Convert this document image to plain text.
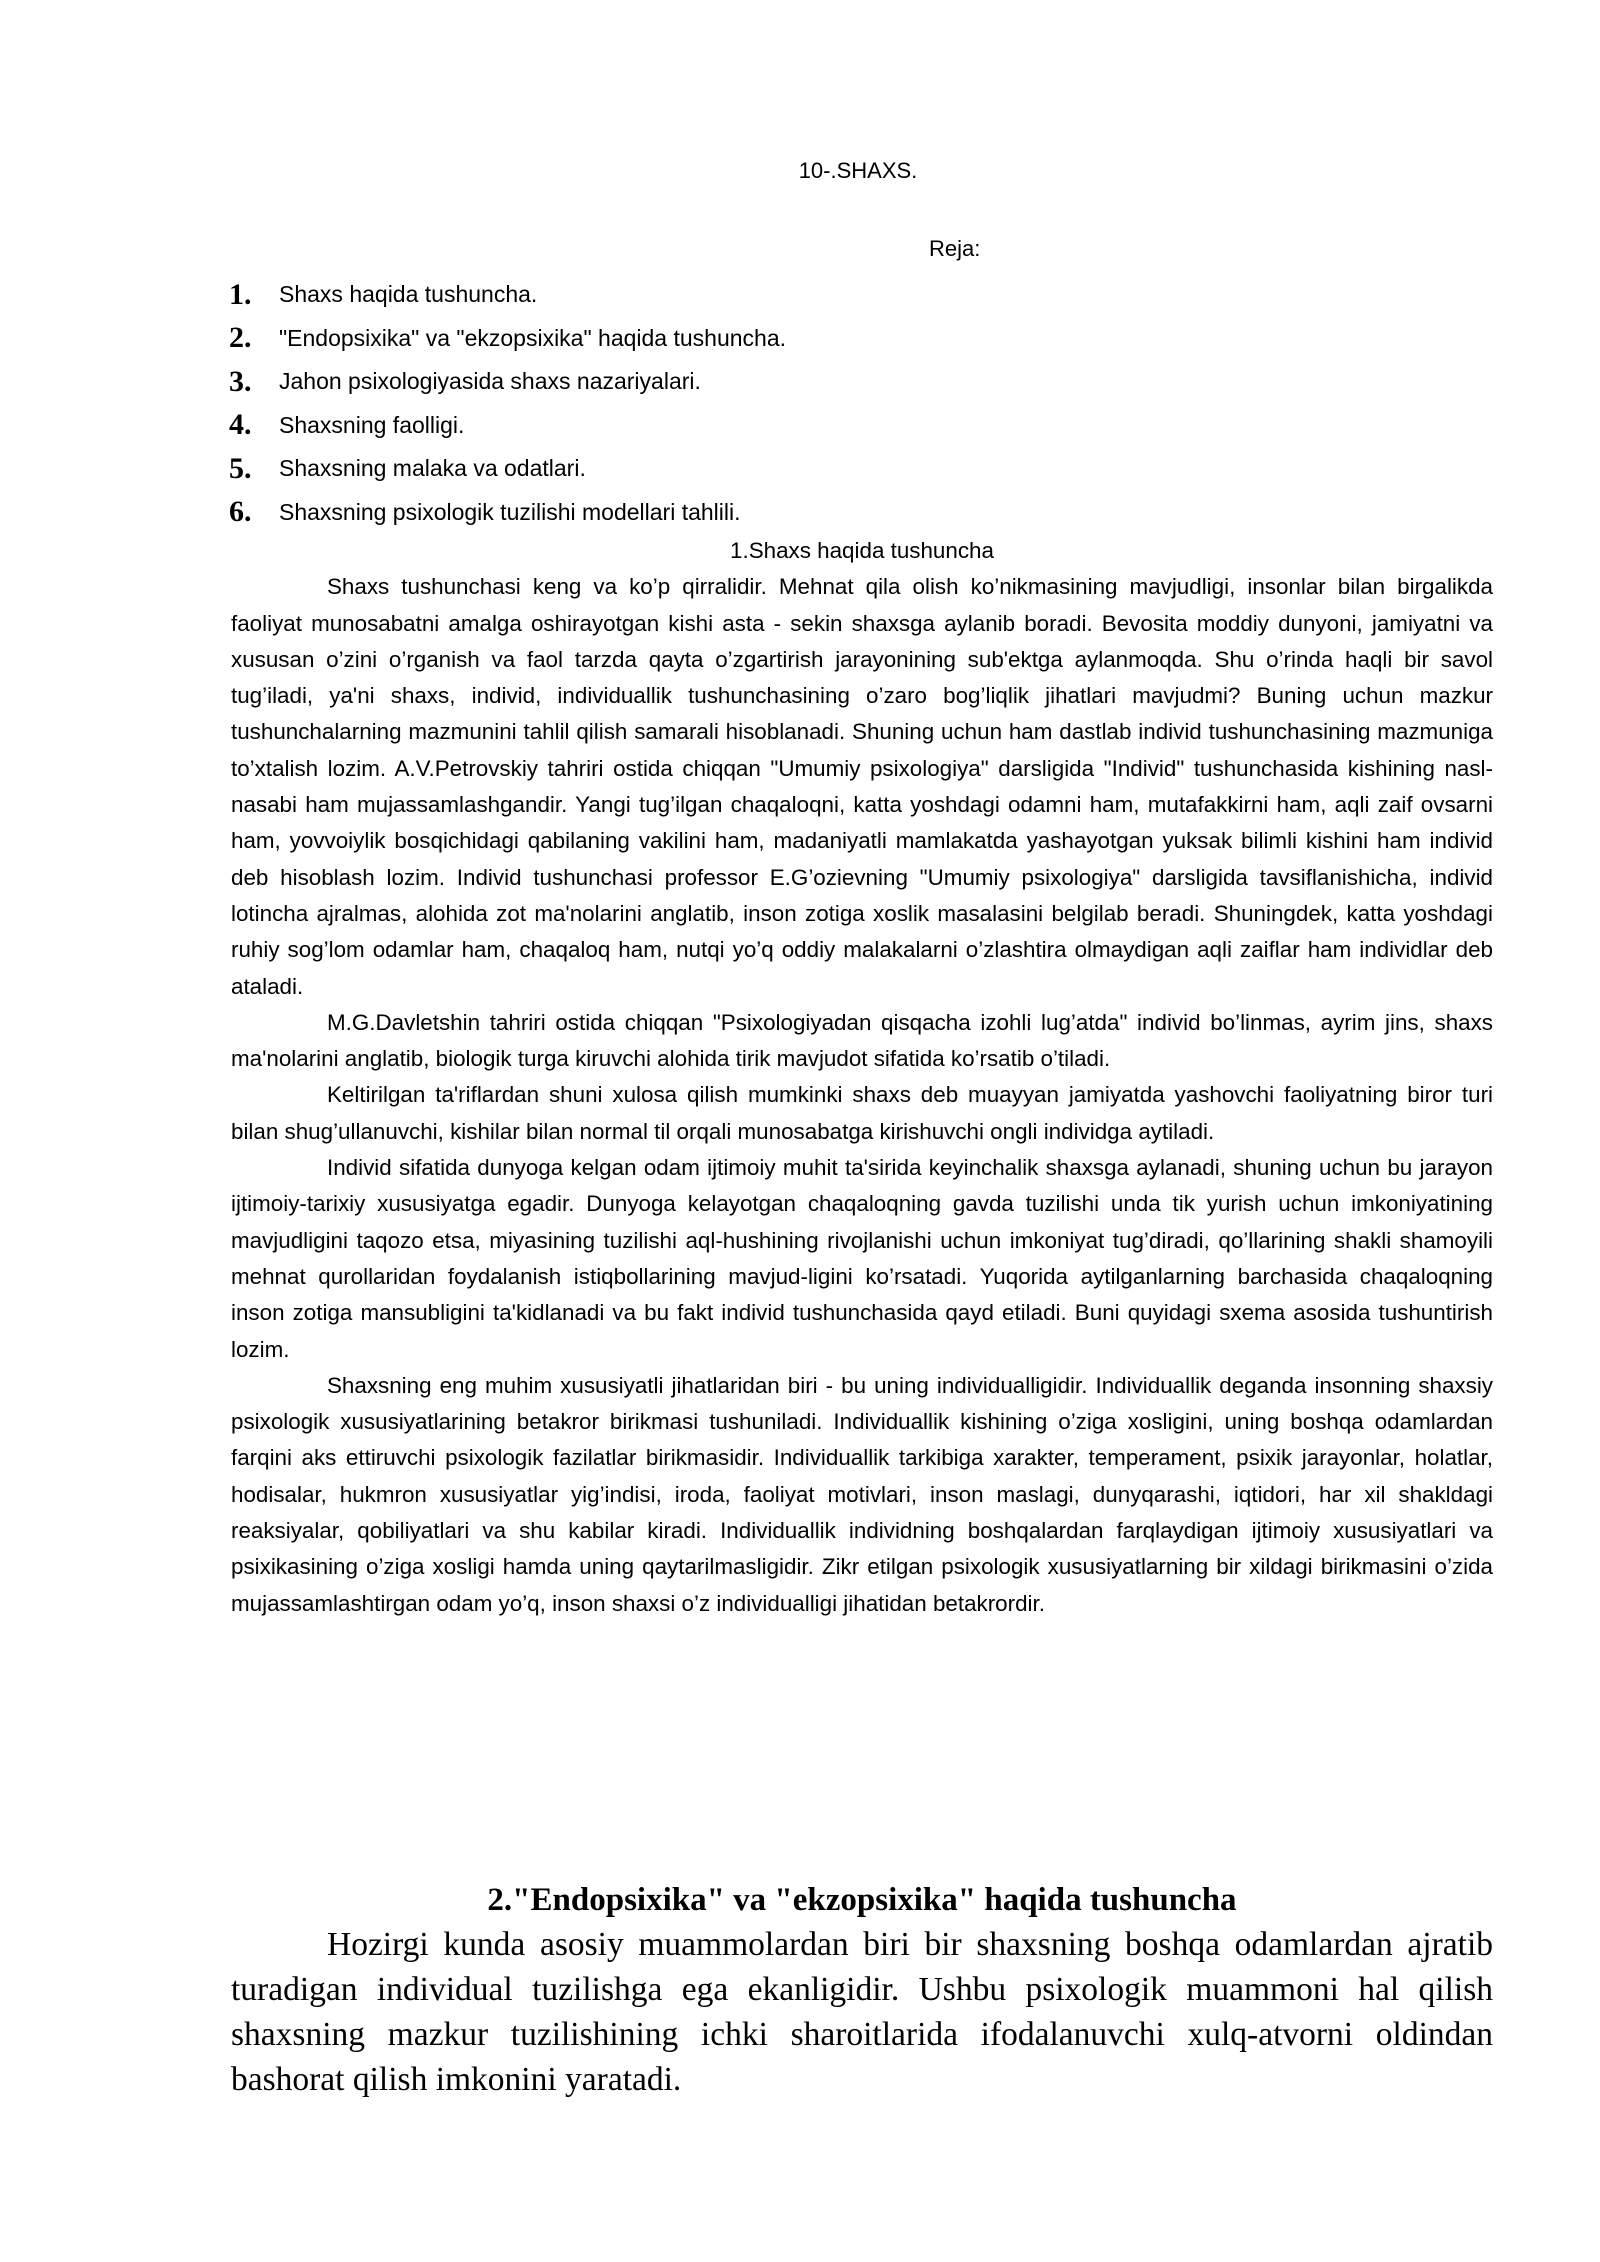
10-.SHAXS.
Reja:
1.	Shaxs haqida tushuncha.
2.	"Endopsixika" va "ekzopsixika" haqida tushuncha.
3.	Jahon psixologiyasida shaxs nazariyalari.
4.	Shaxsning faolligi.
5.	Shaxsning malaka va odatlari.
6.	Shaxsning psixologik tuzilishi modellari tahlili.

1.Shaxs haqida tushuncha

Shaxs tushunchasi keng va ko’p qirralidir. Mehnat qila olish ko’nikmasining mavjudligi, insonlar bilan birgalikda faoliyat munosabatni amalga oshirayotgan kishi asta - sekin shaxsga aylanib boradi. Bevosita moddiy dunyoni, jamiyatni va xususan o’zini o’rganish va faol tarzda qayta o’zgartirish jarayonining sub'ektga aylanmoqda. Shu o’rinda haqli bir savol tug’iladi, ya'ni shaxs, individ, individuallik tushunchasining o’zaro bog’liqlik jihatlari mavjudmi? Buning uchun mazkur tushunchalarning mazmunini tahlil qilish samarali hisoblanadi. Shuning uchun ham dastlab individ tushunchasining mazmuniga to’xtalish lozim. A.V.Petrovskiy tahriri ostida chiqqan "Umumiy psixologiya" darsligida "Individ" tushunchasida kishining nasl-nasabi ham mujassamlashgandir. Yangi tug’ilgan chaqaloqni, katta yoshdagi odamni ham, mutafakkirni ham, aqli zaif ovsarni ham, yovvoiylik bosqichidagi qabilaning vakilini ham, madaniyatli mamlakatda yashayotgan yuksak bilimli kishini ham individ deb hisoblash lozim. Individ tushunchasi professor E.G’ozievning "Umumiy psixologiya" darsligida tavsiflanishicha, individ lotincha ajralmas, alohida zot ma'nolarini anglatib, inson zotiga xoslik masalasini belgilab beradi. Shuningdek, katta yoshdagi ruhiy sog’lom odamlar ham, chaqaloq ham, nutqi yo’q oddiy malakalarni o’zlashtira olmaydigan aqli zaiflar ham individlar deb ataladi.

M.G.Davletshin tahriri ostida chiqqan "Psixologiyadan qisqacha izohli lug’atda" individ bo’linmas, ayrim jins, shaxs ma'nolarini anglatib, biologik turga kiruvchi alohida tirik mavjudot sifatida ko’rsatib o’tiladi.

Keltirilgan ta'riflardan shuni xulosa qilish mumkinki shaxs deb muayyan jamiyatda yashovchi faoliyatning biror turi bilan shug’ullanuvchi, kishilar bilan normal til orqali munosabatga kirishuvchi ongli individga aytiladi.

Individ sifatida dunyoga kelgan odam ijtimoiy muhit ta'sirida keyinchalik shaxsga aylanadi, shuning uchun bu jarayon ijtimoiy-tarixiy xususiyatga egadir. Dunyoga kelayotgan chaqaloqning gavda tuzilishi unda tik yurish uchun imkoniyatining mavjudligini taqozo etsa, miyasining tuzilishi aql-hushining rivojlanishi uchun imkoniyat tug’diradi, qo’llarining shakli shamoyili mehnat qurollaridan foydalanish istiqbollarining mavjud-ligini ko’rsatadi. Yuqorida aytilganlarning barchasida chaqaloqning inson zotiga mansubligini ta'kidlanadi va bu fakt individ tushunchasida qayd etiladi. Buni quyidagi sxema asosida tushuntirish lozim.

Shaxsning eng muhim xususiyatli jihatlaridan biri - bu uning individualligidir. Individuallik deganda insonning shaxsiy psixologik xususiyatlarining betakror birikmasi tushuniladi. Individuallik kishining o’ziga xosligini, uning boshqa odamlardan farqini aks ettiruvchi psixologik fazilatlar birikmasidir. Individuallik tarkibiga xarakter, temperament, psixik jarayonlar, holatlar, hodisalar, hukmron xususiyatlar yig’indisi, iroda, faoliyat motivlari, inson maslagi, dunyqarashi, iqtidori, har xil shakldagi reaksiyalar, qobiliyatlari va shu kabilar kiradi. Individuallik individning boshqalardan farqlaydigan ijtimoiy xususiyatlari va psixikasining o’ziga xosligi hamda uning qaytarilmasligidir. Zikr etilgan psixologik xususiyatlarning bir xildagi birikmasini o’zida mujassamlashtirgan odam yo’q, inson shaxsi o’z individualligi jihatidan betakrordir.

2."Endopsixika" va "ekzopsixika" haqida tushuncha

Hozirgi kunda asosiy muammolardan biri bir shaxsning boshqa odamlardan ajratib turadigan individual tuzilishga ega ekanligidir. Ushbu psixologik muammoni hal qilish shaxsning mazkur tuzilishining ichki sharoitlarida ifodalanuvchi xulq-atvorni oldindan bashorat qilish imkonini yaratadi.
